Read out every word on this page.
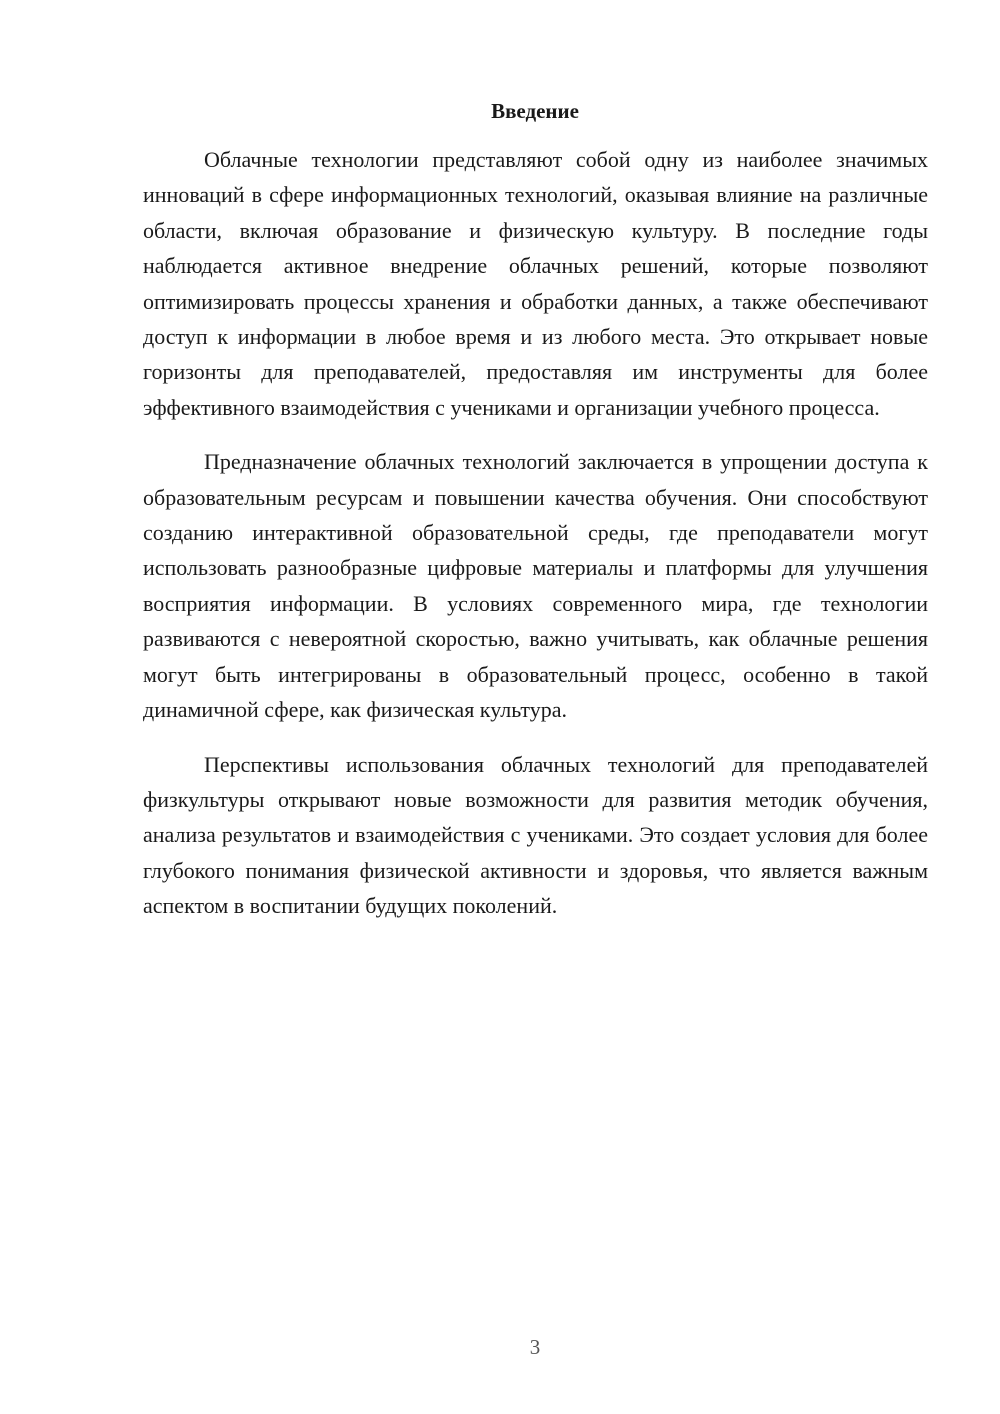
Введение

Облачные технологии представляют собой одну из наиболее значимых инноваций в сфере информационных технологий, оказывая влияние на различные области, включая образование и физическую культуру. В последние годы наблюдается активное внедрение облачных решений, которые позволяют оптимизировать процессы хранения и обработки данных, а также обеспечивают доступ к информации в любое время и из любого места. Это открывает новые горизонты для преподавателей, предоставляя им инструменты для более эффективного взаимодействия с учениками и организации учебного процесса.

Предназначение облачных технологий заключается в упрощении доступа к образовательным ресурсам и повышении качества обучения. Они способствуют созданию интерактивной образовательной среды, где преподаватели могут использовать разнообразные цифровые материалы и платформы для улучшения восприятия информации. В условиях современного мира, где технологии развиваются с невероятной скоростью, важно учитывать, как облачные решения могут быть интегрированы в образовательный процесс, особенно в такой динамичной сфере, как физическая культура.

Перспективы использования облачных технологий для преподавателей физкультуры открывают новые возможности для развития методик обучения, анализа результатов и взаимодействия с учениками. Это создает условия для более глубокого понимания физической активности и здоровья, что является важным аспектом в воспитании будущих поколений.

3
